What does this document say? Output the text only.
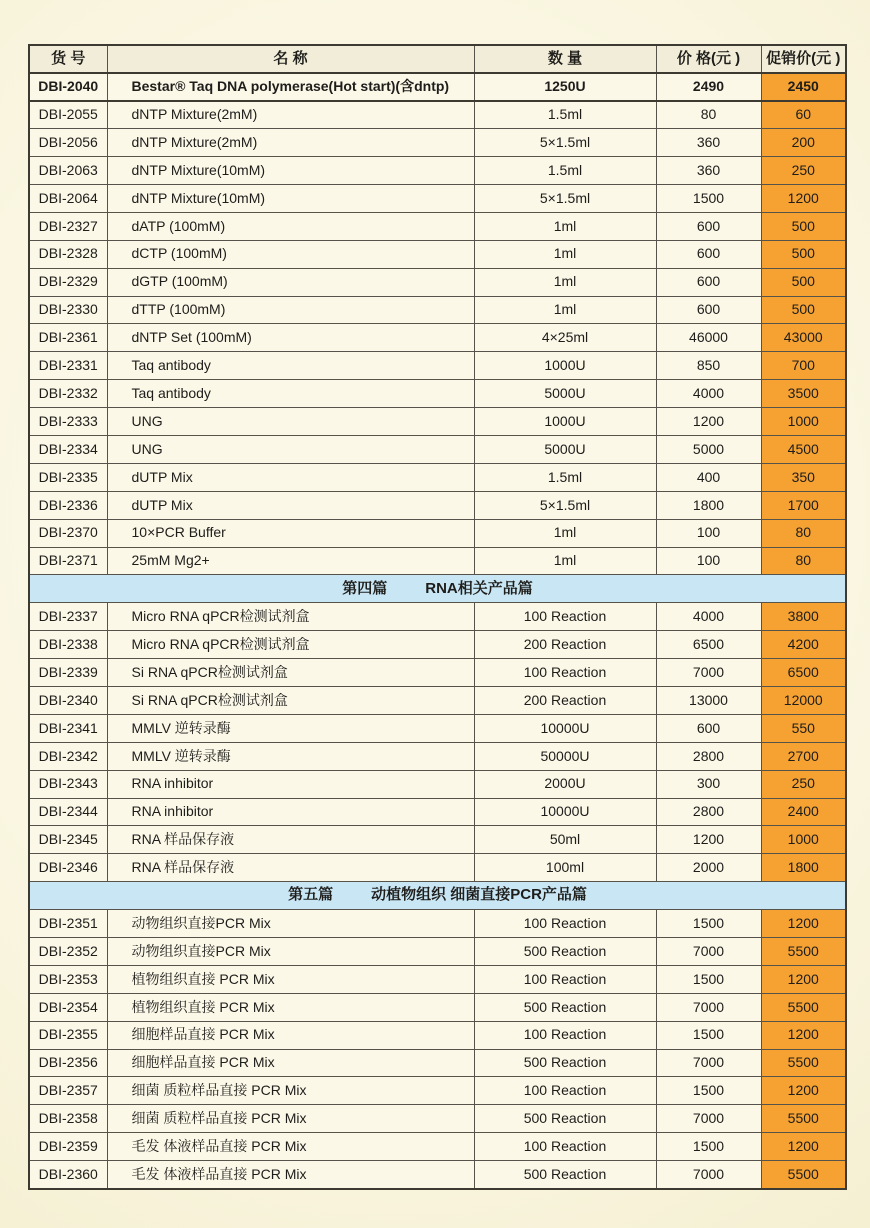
货 号	名 称	数 量	价 格(元 )	促销价(元 )
DBI-2040	Bestar® Taq DNA polymerase(Hot start)(含dntp)	1250U	2490	2450
DBI-2055	dNTP Mixture(2mM)	1.5ml	80	60
DBI-2056	dNTP Mixture(2mM)	5×1.5ml	360	200
DBI-2063	dNTP Mixture(10mM)	1.5ml	360	250
DBI-2064	dNTP Mixture(10mM)	5×1.5ml	1500	1200
DBI-2327	dATP (100mM)	1ml	600	500
DBI-2328	dCTP (100mM)	1ml	600	500
DBI-2329	dGTP (100mM)	1ml	600	500
DBI-2330	dTTP (100mM)	1ml	600	500
DBI-2361	dNTP Set (100mM)	4×25ml	46000	43000
DBI-2331	Taq antibody	1000U	850	700
DBI-2332	Taq antibody	5000U	4000	3500
DBI-2333	UNG	1000U	1200	1000
DBI-2334	UNG	5000U	5000	4500
DBI-2335	dUTP Mix	1.5ml	400	350
DBI-2336	dUTP Mix	5×1.5ml	1800	1700
DBI-2370	10×PCR Buffer	1ml	100	80
DBI-2371	25mM Mg2+	1ml	100	80
第四篇 RNA相关产品篇				
DBI-2337	Micro RNA qPCR检测试剂盒	100 Reaction	4000	3800
DBI-2338	Micro RNA qPCR检测试剂盒	200 Reaction	6500	4200
DBI-2339	Si RNA qPCR检测试剂盒	100 Reaction	7000	6500
DBI-2340	Si RNA qPCR检测试剂盒	200 Reaction	13000	12000
DBI-2341	MMLV 逆转录酶	10000U	600	550
DBI-2342	MMLV 逆转录酶	50000U	2800	2700
DBI-2343	RNA inhibitor	2000U	300	250
DBI-2344	RNA inhibitor	10000U	2800	2400
DBI-2345	RNA 样品保存液	50ml	1200	1000
DBI-2346	RNA 样品保存液	100ml	2000	1800
第五篇 动植物组织 细菌直接PCR产品篇				
DBI-2351	动物组织直接PCR Mix	100 Reaction	1500	1200
DBI-2352	动物组织直接PCR Mix	500 Reaction	7000	5500
DBI-2353	植物组织直接 PCR Mix	100 Reaction	1500	1200
DBI-2354	植物组织直接 PCR Mix	500 Reaction	7000	5500
DBI-2355	细胞样品直接 PCR Mix	100 Reaction	1500	1200
DBI-2356	细胞样品直接 PCR Mix	500 Reaction	7000	5500
DBI-2357	细菌 质粒样品直接 PCR Mix	100 Reaction	1500	1200
DBI-2358	细菌 质粒样品直接 PCR Mix	500 Reaction	7000	5500
DBI-2359	毛发 体液样品直接 PCR Mix	100 Reaction	1500	1200
DBI-2360	毛发 体液样品直接 PCR Mix	500 Reaction	7000	5500
